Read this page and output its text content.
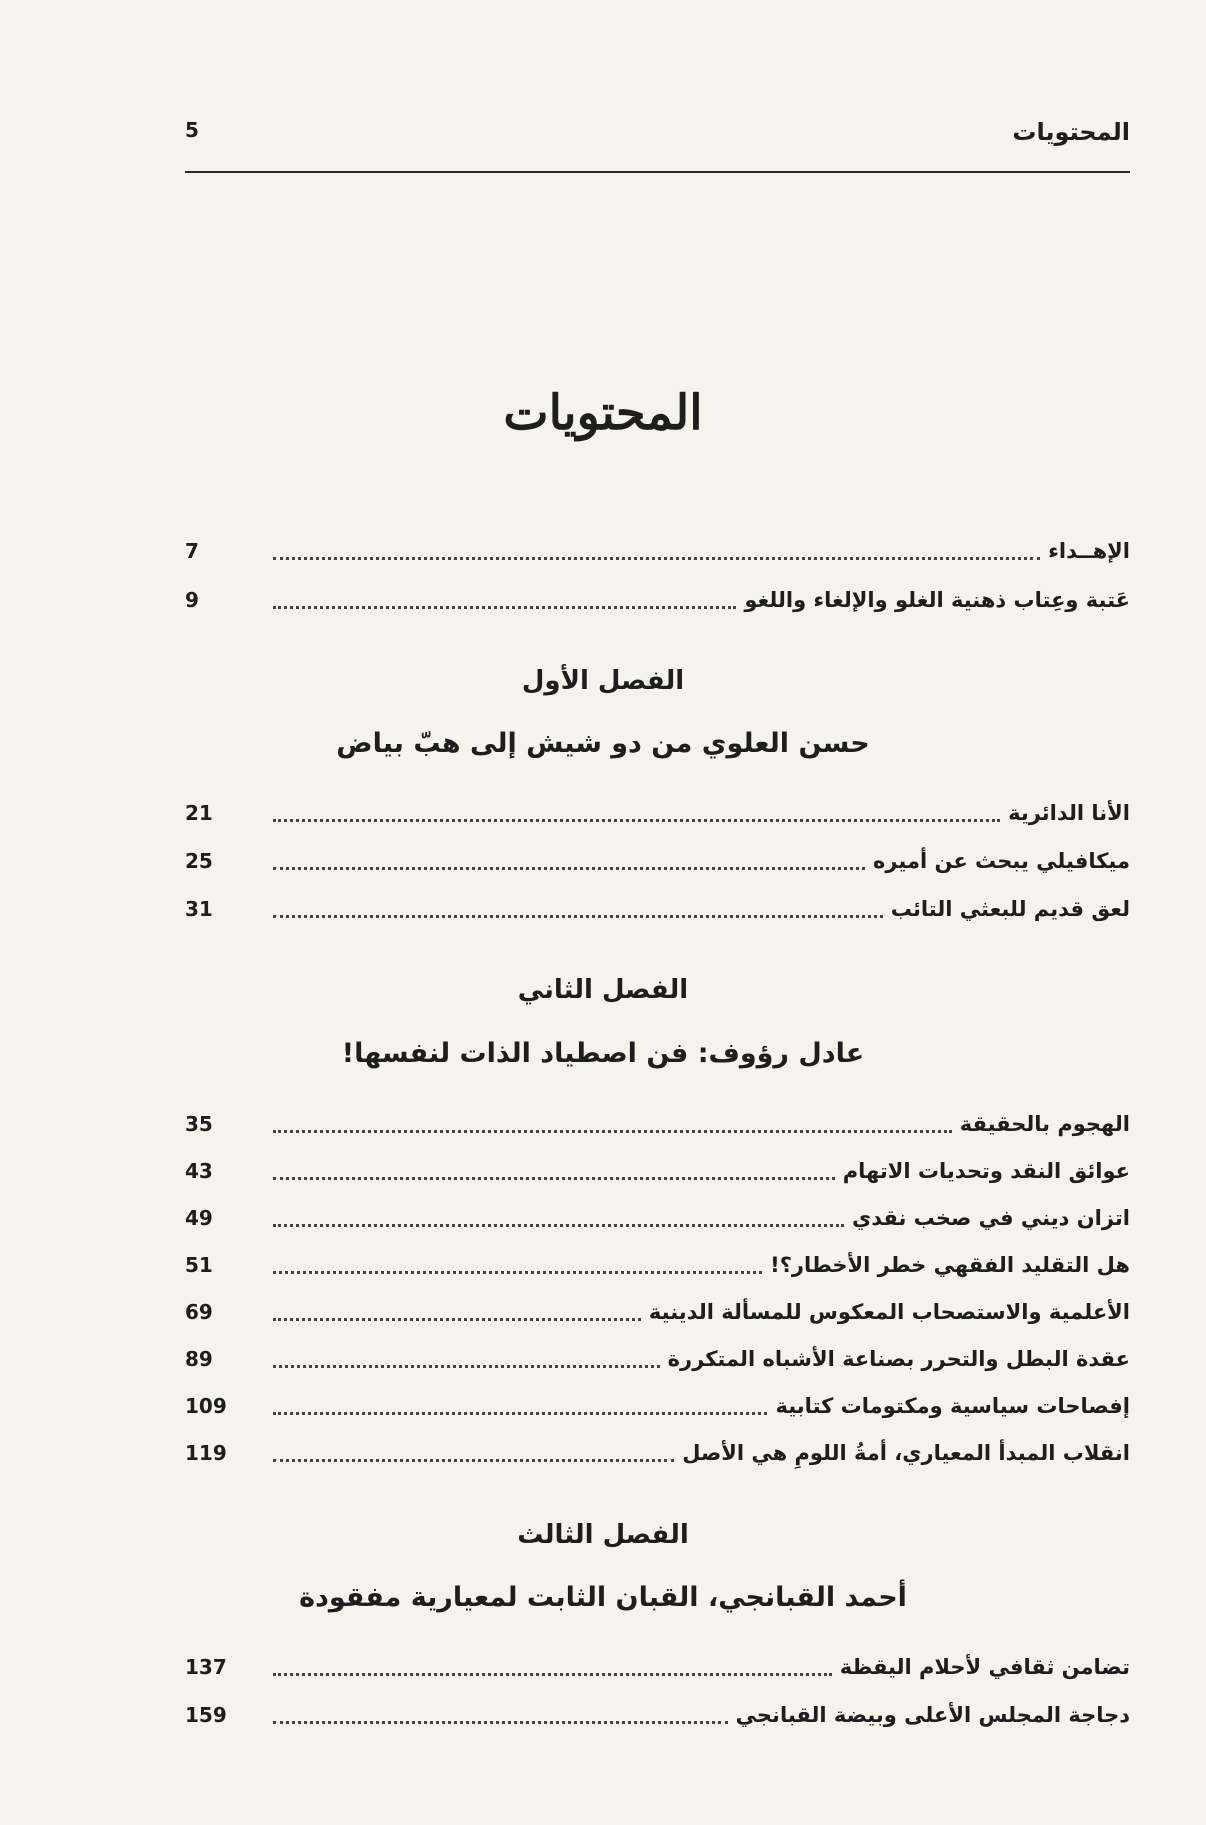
المحتويات
5
المحتويات
الإهــداء
7
عَتبة وعِتاب ذهنية الغلو والإلغاء واللغو
9
الفصل الأول
حسن العلوي من دو شيش إلى هبّ بياض
الأنا الدائرية
21
ميكافيلي يبحث عن أميره
25
لعق قديم للبعثي التائب
31
الفصل الثاني
عادل رؤوف: فن اصطياد الذات لنفسها!
الهجوم بالحقيقة
35
عوائق النقد وتحديات الاتهام
43
اتزان ديني في صخب نقدي
49
هل التقليد الفقهي خطر الأخطار؟!
51
الأعلمية والاستصحاب المعكوس للمسألة الدينية
69
عقدة البطل والتحرر بصناعة الأشباه المتكررة
89
إفصاحات سياسية ومكتومات كتابية
109
انقلاب المبدأ المعياري، أمةُ اللومِ هي الأصل
119
الفصل الثالث
أحمد القبانجي، القبان الثابت لمعيارية مفقودة
تضامن ثقافي لأحلام اليقظة
137
دجاجة المجلس الأعلى وبيضة القبانجي
159
